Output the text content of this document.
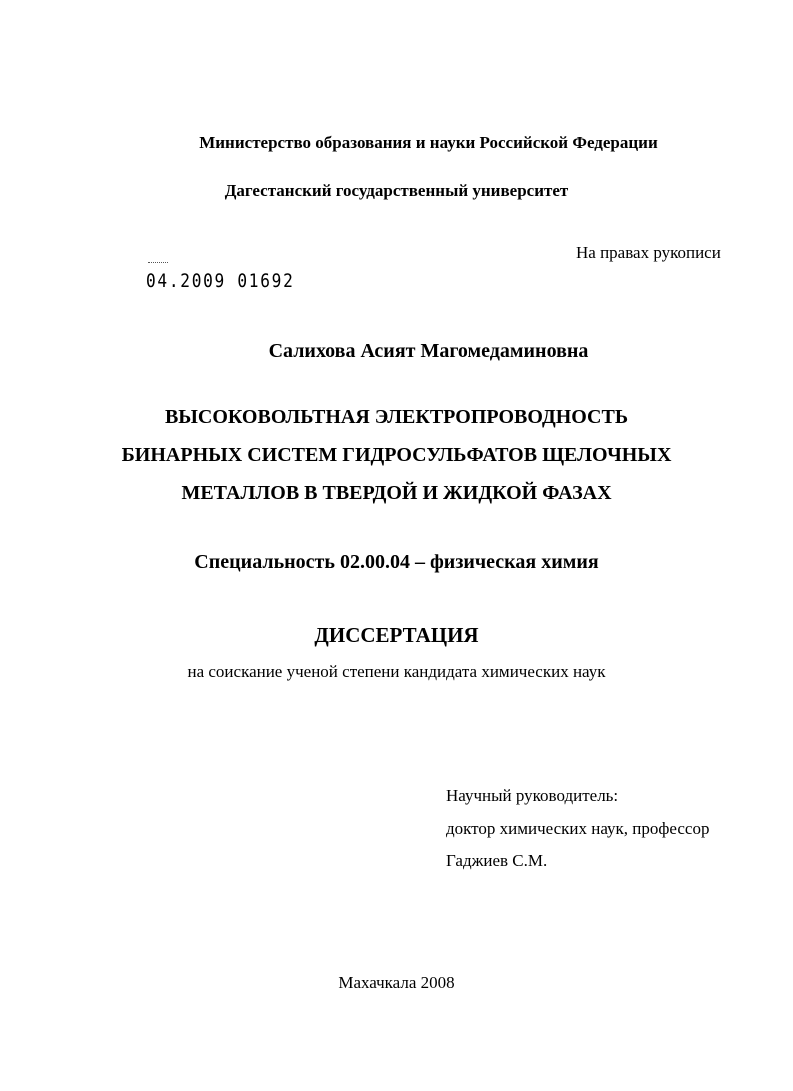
Министерство образования и науки Российской Федерации
Дагестанский государственный университет
На правах рукописи
04.2009 01692
Салихова Асият Магомедаминовна
ВЫСОКОВОЛЬТНАЯ ЭЛЕКТРОПРОВОДНОСТЬ
БИНАРНЫХ СИСТЕМ ГИДРОСУЛЬФАТОВ ЩЕЛОЧНЫХ
МЕТАЛЛОВ В ТВЕРДОЙ И ЖИДКОЙ ФАЗАХ
Специальность 02.00.04 – физическая химия
ДИССЕРТАЦИЯ
на соискание ученой степени кандидата химических наук
Научный руководитель:
доктор химических наук, профессор
Гаджиев С.М.
Махачкала 2008
